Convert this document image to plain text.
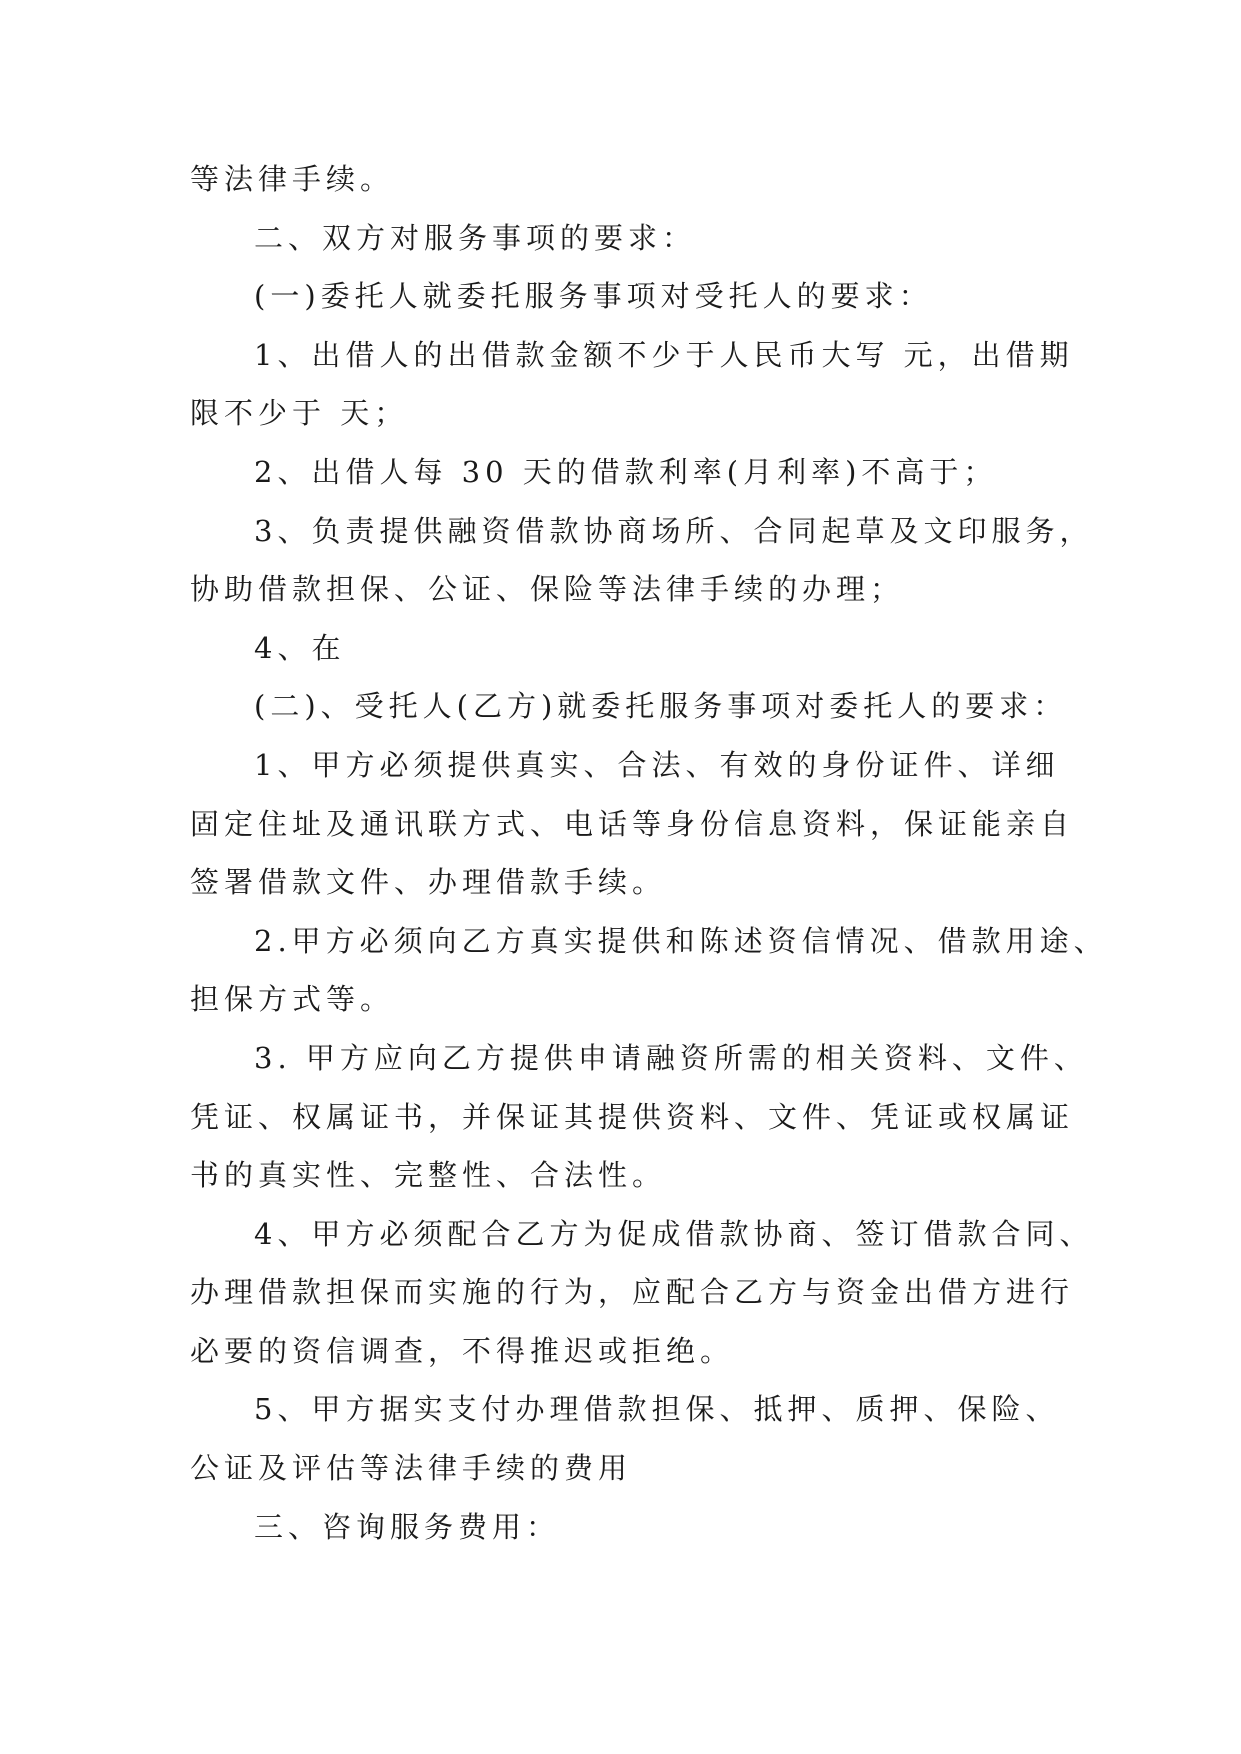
等法律手续。
二、双方对服务事项的要求：
(一)委托人就委托服务事项对受托人的要求：
1、出借人的出借款金额不少于人民币大写 元，出借期
限不少于 天；
2、出借人每 30 天的借款利率(月利率)不高于；
3、负责提供融资借款协商场所、合同起草及文印服务，
协助借款担保、公证、保险等法律手续的办理；
4、在
(二)、受托人(乙方)就委托服务事项对委托人的要求：
1、甲方必须提供真实、合法、有效的身份证件、详细
固定住址及通讯联方式、电话等身份信息资料，保证能亲自
签署借款文件、办理借款手续。
2.甲方必须向乙方真实提供和陈述资信情况、借款用途、
担保方式等。
3. 甲方应向乙方提供申请融资所需的相关资料、文件、
凭证、权属证书，并保证其提供资料、文件、凭证或权属证
书的真实性、完整性、合法性。
4、甲方必须配合乙方为促成借款协商、签订借款合同、
办理借款担保而实施的行为，应配合乙方与资金出借方进行
必要的资信调查，不得推迟或拒绝。
5、甲方据实支付办理借款担保、抵押、质押、保险、
公证及评估等法律手续的费用
三、咨询服务费用：
